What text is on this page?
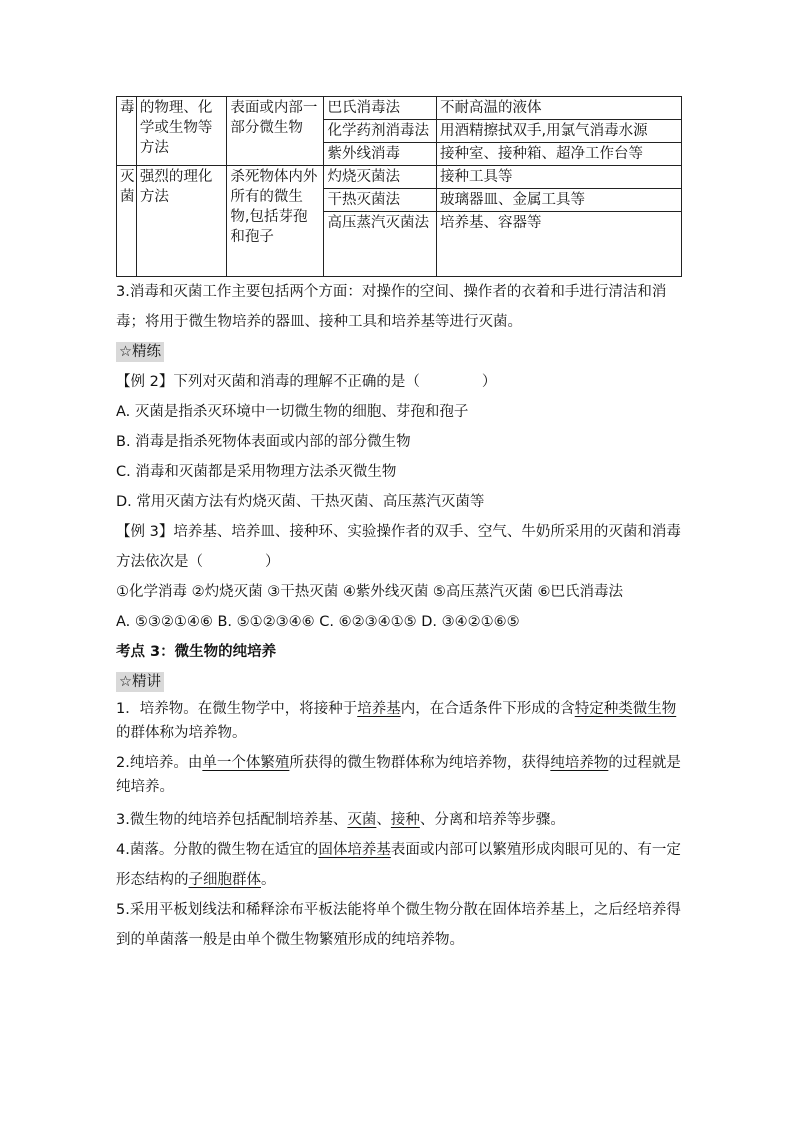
毒	的物理、化学或生物等方法	表面或内部一部分微生物	巴氏消毒法	不耐高温的液体
			化学药剂消毒法	用酒精擦拭双手,用氯气消毒水源
			紫外线消毒	接种室、接种箱、超净工作台等
灭菌	强烈的理化方法	杀死物体内外所有的微生物,包括芽孢和孢子	灼烧灭菌法	接种工具等
			干热灭菌法	玻璃器皿、金属工具等
			高压蒸汽灭菌法	培养基、容器等

3.消毒和灭菌工作主要包括两个方面：对操作的空间、操作者的衣着和手进行清洁和消毒；将用于微生物培养的器皿、接种工具和培养基等进行灭菌。

☆精练

【例 2】下列对灭菌和消毒的理解不正确的是（	）

A. 灭菌是指杀灭环境中一切微生物的细胞、芽孢和孢子

B. 消毒是指杀死物体表面或内部的部分微生物

C. 消毒和灭菌都是采用物理方法杀灭微生物

D. 常用灭菌方法有灼烧灭菌、干热灭菌、高压蒸汽灭菌等

【例 3】培养基、培养皿、接种环、实验操作者的双手、空气、牛奶所采用的灭菌和消毒方法依次是（	）

①化学消毒 ②灼烧灭菌 ③干热灭菌 ④紫外线灭菌 ⑤高压蒸汽灭菌 ⑥巴氏消毒法

A. ⑤③②①④⑥ B. ⑤①②③④⑥ C. ⑥②③④①⑤ D. ③④②①⑥⑤

考点 3：微生物的纯培养

☆精讲

1．培养物。在微生物学中，将接种于培养基内，在合适条件下形成的含特定种类微生物的群体称为培养物。

2.纯培养。由单一个体繁殖所获得的微生物群体称为纯培养物，获得纯培养物的过程就是纯培养。

3.微生物的纯培养包括配制培养基、灭菌、接种、分离和培养等步骤。

4.菌落。分散的微生物在适宜的固体培养基表面或内部可以繁殖形成肉眼可见的、有一定形态结构的子细胞群体。

5.采用平板划线法和稀释涂布平板法能将单个微生物分散在固体培养基上，之后经培养得到的单菌落一般是由单个微生物繁殖形成的纯培养物。
